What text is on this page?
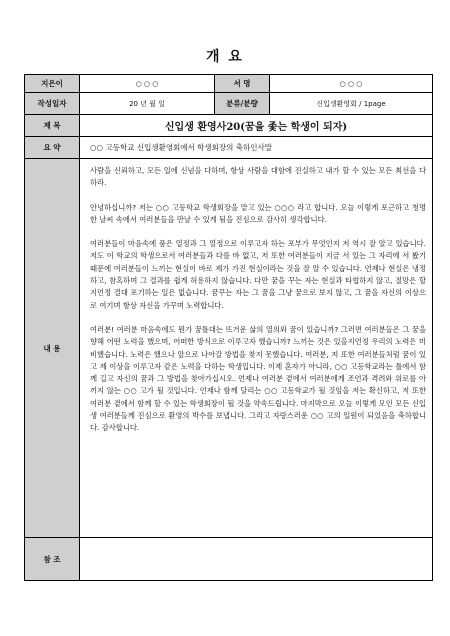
개 요
지은이	○ ○ ○	서 명	○ ○ ○
작성일자	20 년 월 일	분류/분량	신입생환영회 / 1page
제 목	신입생 환영사20(꿈을 좇는 학생이 되자)		
요 약	○○ 고등학교 신입생환영회에서 학생회장의 축하인사말		
내 용	사람을 신뢰하고, 모든 일에 신념을 다하며, 항상 사람을 대함에 진실하고 내가 할 수 있는 모든 최선을 다하라.

안녕하십니까? 저는 ○○ 고등학교 학생회장을 맡고 있는 ○○○ 라고 합니다. 오늘 이렇게 포근하고 청명한 날씨 속에서 여러분들을 만날 수 있게 됨을 진심으로 감사히 생각합니다.

여러분들이 마음속에 품은 열정과 그 열정으로 이루고자 하는 포부가 무엇인지 저 역시 잘 알고 있습니다. 저도 이 학교의 학생으로서 여러분들과 다를 바 없고, 저 또한 여러분들이 지금 서 있는 그 자리에 서 봤기 때문에 여러분들이 느끼는 현실이 바로 제가 가진 현실이라는 것을 잘 알 수 있습니다. 언제나 현실은 냉정하고, 참혹하며 그 결과를 쉽게 허용하지 않습니다. 다만 꿈을 꾸는 자는 현실과 타협하지 않고, 절망은 할지언정 결대 포기하는 일은 없습니다. 꿈꾸는 자는 그 꿈을 그냥 꿈으로 보지 않고, 그 꿈을 자신의 이상으로 여기며 항상 자신을 가꾸며 노력합니다.

여러분! 여러분 마음속에도 뭔가 꿈틀대는 뜨거운 삶의 열의와 꿈이 있습니까? 그러면 여러분들은 그 꿈을 향해 어떤 노력을 했으며, 어떠한 방식으로 이루고자 했습니까? 느끼는 것은 있을지언정 우리의 노력은 미비했습니다. 노력은 했으나 앞으로 나아갈 방법을 찾지 못했습니다. 여러분, 저 또한 여러분들처럼 꿈이 있고 제 이상을 이루고자 같은 노력을 다하는 학생입니다. 이제 혼자가 아니라, ○○ 고등학교라는 틀에서 함께 길고 자신의 꿈과 그 방법을 찾아가십시오. 언제나 여러분 곁에서 여러분에게 조언과 격려와 위로를 아끼지 않는 ○○ 고가 될 것입니다. 언제나 함께 달리는 ○○ 고등학교가 될 것임을 저는 확신하고, 저 또한 여러분 곁에서 함께 할 수 있는 학생회장이 될 것을 약속드립니다. 마지막으로 오늘 이렇게 모인 모든 신입생 여러분들께 진심으로 환영의 박수를 보냅니다. 그리고 자랑스러운 ○○ 고의 일원이 되었음을 축하합니다. 감사합니다.		

참 조			
